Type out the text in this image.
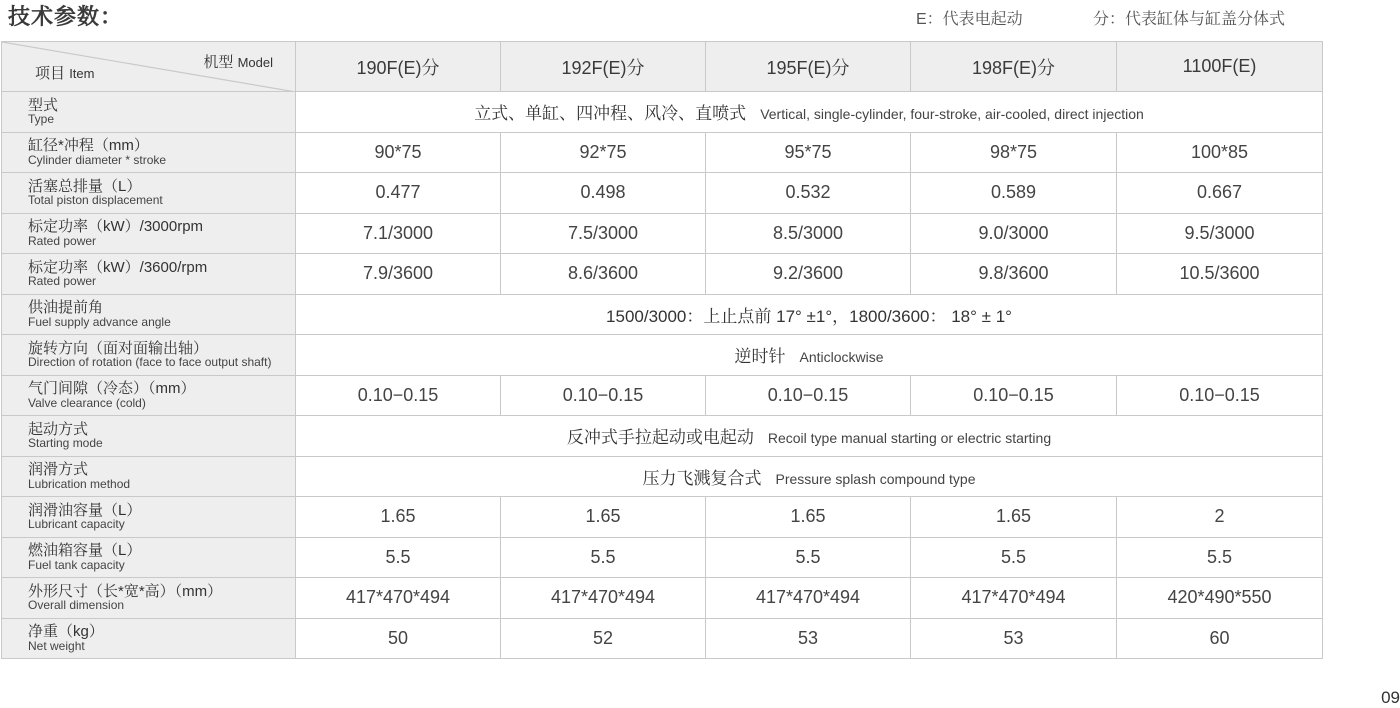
技术参数：	E：代表电起动	分：代表缸体与缸盖分体式
机型 Model
项目 Item	190F(E)分	192F(E)分	195F(E)分	198F(E)分	1100F(E)

型式
Type	立式、单缸、四冲程、风冷、直喷式 Vertical, single-cylinder, four-stroke, air-cooled, direct injection				

缸径*冲程（mm）
Cylinder diameter * stroke	90*75	92*75	95*75	98*75	100*85

活塞总排量（L）
Total piston displacement	0.477	0.498	0.532	0.589	0.667

标定功率（kW）/3000rpm
Rated power	7.1/3000	7.5/3000	8.5/3000	9.0/3000	9.5/3000

标定功率（kW）/3600/rpm
Rated power	7.9/3600	8.6/3600	9.2/3600	9.8/3600	10.5/3600

供油提前角
Fuel supply advance angle	1500/3000：上止点前 17° ±1°，1800/3600： 18° ± 1°				

旋转方向（面对面输出轴）
Direction of rotation (face to face output shaft)	逆时针 Anticlockwise				

气门间隙（冷态）（mm）
Valve clearance (cold)	0.10−0.15	0.10−0.15	0.10−0.15	0.10−0.15	0.10−0.15

起动方式
Starting mode	反冲式手拉起动或电起动 Recoil type manual starting or electric starting				

润滑方式
Lubrication method	压力飞溅复合式 Pressure splash compound type				

润滑油容量（L）
Lubricant capacity	1.65	1.65	1.65	1.65	2

燃油箱容量（L）
Fuel tank capacity	5.5	5.5	5.5	5.5	5.5

外形尺寸（长*宽*高）（mm）
Overall dimension	417*470*494	417*470*494	417*470*494	417*470*494	420*490*550

净重（kg）
Net weight	50	52	53	53	60
09
